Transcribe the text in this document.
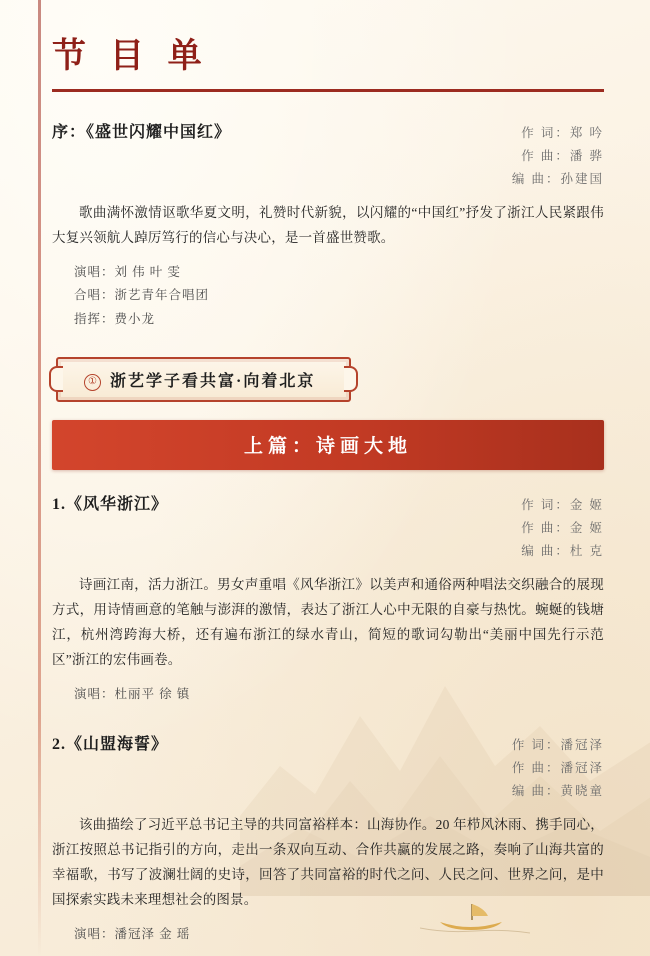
节 目 单
序：《盛世闪耀中国红》	作 词：郑 吟
作 曲：潘 骅
编 曲：孙建国
歌曲满怀激情讴歌华夏文明，礼赞时代新貌，以闪耀的“中国红”抒发了浙江人民紧跟伟大复兴领航人踔厉笃行的信心与决心，是一首盛世赞歌。
演唱：刘 伟 叶 雯
合唱：浙艺青年合唱团
指挥：费小龙
① 浙艺学子看共富·向着北京
上篇：诗画大地
1.《风华浙江》	作 词：金 姬
作 曲：金 姬
编 曲：杜 克
诗画江南，活力浙江。男女声重唱《风华浙江》以美声和通俗两种唱法交织融合的展现方式，用诗情画意的笔触与澎湃的激情，表达了浙江人心中无限的自豪与热忱。蜿蜒的钱塘江，杭州湾跨海大桥，还有遍布浙江的绿水青山，简短的歌词勾勒出“美丽中国先行示范区”浙江的宏伟画卷。
演唱：杜丽平 徐 镇
2.《山盟海誓》	作 词：潘冠泽
作 曲：潘冠泽
编 曲：黄晓童
该曲描绘了习近平总书记主导的共同富裕样本：山海协作。20 年栉风沐雨、携手同心，浙江按照总书记指引的方向，走出一条双向互动、合作共赢的发展之路，奏响了山海共富的幸福歌，书写了波澜壮阔的史诗，回答了共同富裕的时代之问、人民之问、世界之问，是中国探索实践未来理想社会的图景。
演唱：潘冠泽 金 瑶
